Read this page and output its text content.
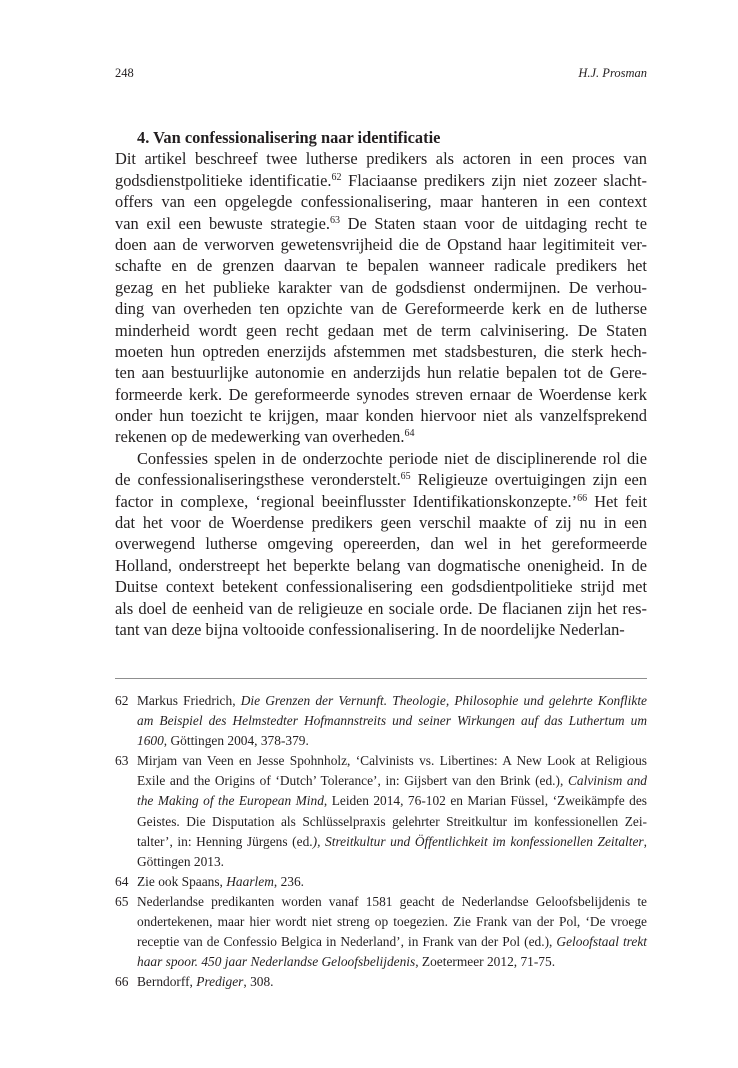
248	H.J. Prosman
4. Van confessionalisering naar identificatie
Dit artikel beschreef twee lutherse predikers als actoren in een proces van
godsdienstpolitieke identificatie.$^{62}$ Flaciaanse predikers zijn niet zozeer slacht-
offers van een opgelegde confessionalisering, maar hanteren in een context
van exil een bewuste strategie.$^{63}$ De Staten staan voor de uitdaging recht te
doen aan de verworven gewetensvrijheid die de Opstand haar legitimiteit ver-
schafte en de grenzen daarvan te bepalen wanneer radicale predikers het
gezag en het publieke karakter van de godsdienst ondermijnen. De verhou-
ding van overheden ten opzichte van de Gereformeerde kerk en de lutherse
minderheid wordt geen recht gedaan met de term calvinisering. De Staten
moeten hun optreden enerzijds afstemmen met stadsbesturen, die sterk hech-
ten aan bestuurlijke autonomie en anderzijds hun relatie bepalen tot de Gere-
formeerde kerk. De gereformeerde synodes streven ernaar de Woerdense kerk
onder hun toezicht te krijgen, maar konden hiervoor niet als vanzelfsprekend
rekenen op de medewerking van overheden.$^{64}$
Confessies spelen in de onderzochte periode niet de disciplinerende rol die
de confessionaliseringsthese veronderstelt.$^{65}$ Religieuze overtuigingen zijn een
factor in complexe, ‘regional beeinflusster Identifikationskonzepte.’$^{66}$ Het feit
dat het voor de Woerdense predikers geen verschil maakte of zij nu in een
overwegend lutherse omgeving opereerden, dan wel in het gereformeerde
Holland, onderstreept het beperkte belang van dogmatische onenigheid. In de
Duitse context betekent confessionalisering een godsdientpolitieke strijd met
als doel de eenheid van de religieuze en sociale orde. De flacianen zijn het res-
tant van deze bijna voltooide confessionalisering. In de noordelijke Nederlan-
62 Markus Friedrich, Die Grenzen der Vernunft. Theologie, Philosophie und gelehrte Konflikte
am Beispiel des Helmstedter Hofmannstreits und seiner Wirkungen auf das Luthertum um
1600, Göttingen 2004, 378-379.
63 Mirjam van Veen en Jesse Spohnholz, ‘Calvinists vs. Libertines: A New Look at Religious
Exile and the Origins of ‘Dutch’ Tolerance’, in: Gijsbert van den Brink (ed.), Calvinism and
the Making of the European Mind, Leiden 2014, 76-102 en Marian Füssel, ‘Zweikämpfe des
Geistes. Die Disputation als Schlüsselpraxis gelehrter Streitkultur im konfessionellen Zei-
talter’, in: Henning Jürgens (ed.), Streitkultur und Öffentlichkeit im konfessionellen Zeitalter,
Göttingen 2013.
64 Zie ook Spaans, Haarlem, 236.
65 Nederlandse predikanten worden vanaf 1581 geacht de Nederlandse Geloofsbelijdenis te
ondertekenen, maar hier wordt niet streng op toegezien. Zie Frank van der Pol, ‘De vroege
receptie van de Confessio Belgica in Nederland’, in Frank van der Pol (ed.), Geloofstaal trekt
haar spoor. 450 jaar Nederlandse Geloofsbelijdenis, Zoetermeer 2012, 71-75.
66 Berndorff, Prediger, 308.
